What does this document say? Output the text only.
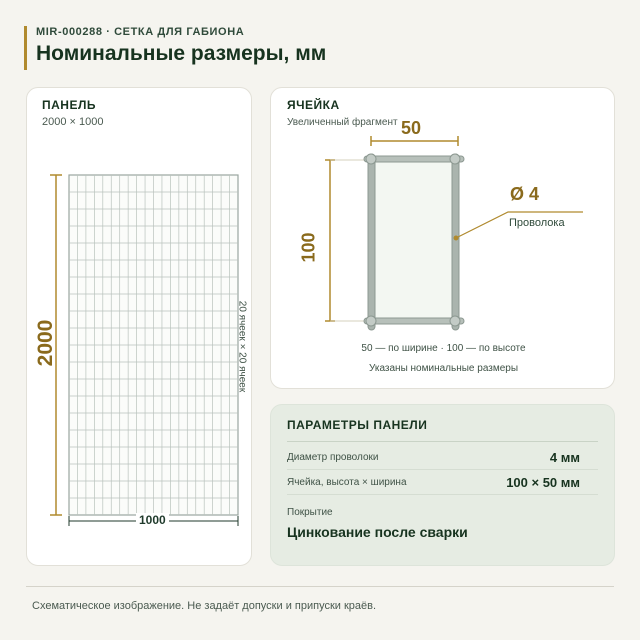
MIR-000288 · СЕТКА ДЛЯ ГАБИОНА
Номинальные размеры, мм
ПАНЕЛЬ
2000 × 1000
2000
1000
20 ячеек × 20 ячеек
ЯЧЕЙКА
Увеличенный фрагмент 50
100
Ø 4
Проволока
50 — по ширине · 100 — по высоте
Указаны номинальные размеры
ПАРАМЕТРЫ ПАНЕЛИ
Диаметр проволоки	4 мм
Ячейка, высота × ширина	100 × 50 мм
Покрытие
Цинкование после сварки
Схематическое изображение. Не задаёт допуски и припуски краёв.
